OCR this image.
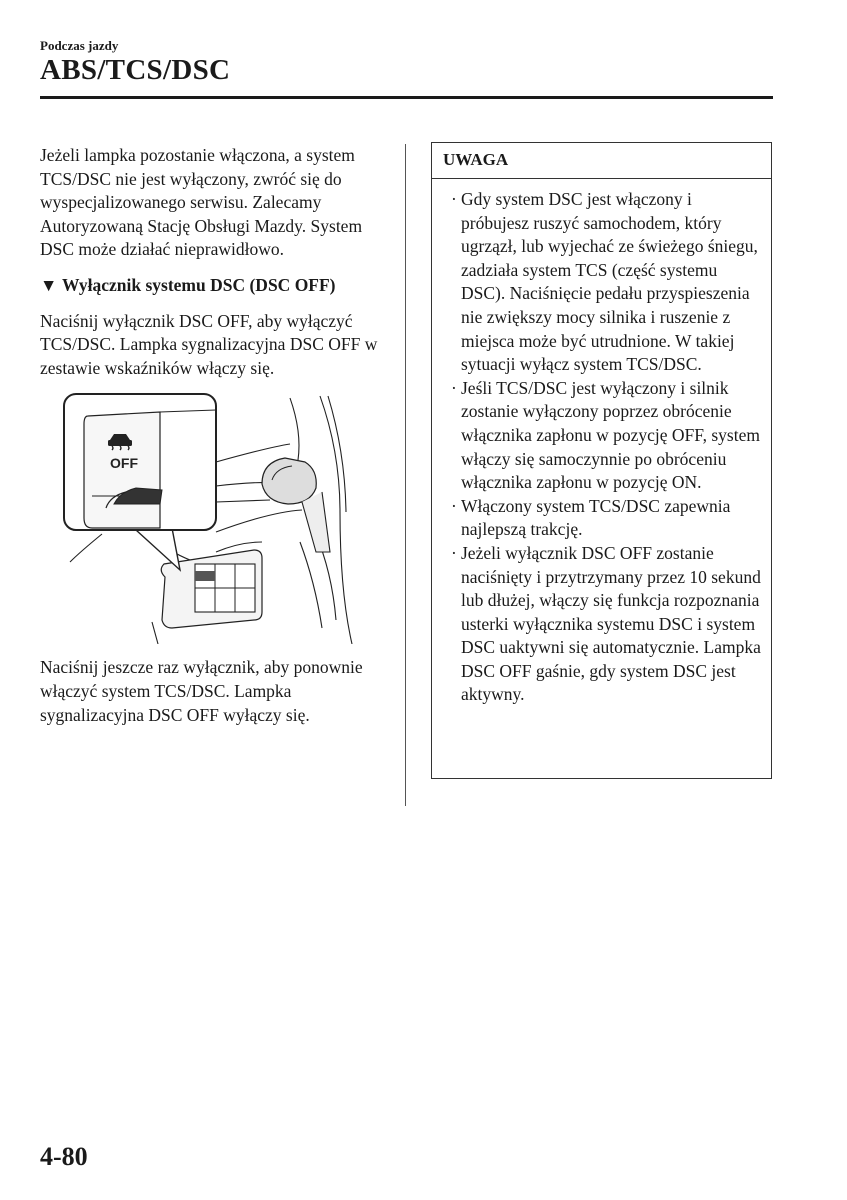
Podczas jazdy
ABS/TCS/DSC

Jeżeli lampka pozostanie włączona, a system TCS/DSC nie jest wyłączony, zwróć się do wyspecjalizowanego serwisu. Zalecamy Autoryzowaną Stację Obsługi Mazdy. System DSC może działać nieprawidłowo.

▼ Wyłącznik systemu DSC (DSC OFF)

Naciśnij wyłącznik DSC OFF, aby wyłączyć TCS/DSC. Lampka sygnalizacyjna DSC OFF w zestawie wskaźników włączy się.

OFF

Naciśnij jeszcze raz wyłącznik, aby ponownie włączyć system TCS/DSC. Lampka sygnalizacyjna DSC OFF wyłączy się.

UWAGA

· Gdy system DSC jest włączony i próbujesz ruszyć samochodem, który ugrzązł, lub wyjechać ze świeżego śniegu, zadziała system TCS (część systemu DSC). Naciśnięcie pedału przyspieszenia nie zwiększy mocy silnika i ruszenie z miejsca może być utrudnione. W takiej sytuacji wyłącz system TCS/DSC.

· Jeśli TCS/DSC jest wyłączony i silnik zostanie wyłączony poprzez obrócenie włącznika zapłonu w pozycję OFF, system włączy się samoczynnie po obróceniu włącznika zapłonu w pozycję ON.

· Włączony system TCS/DSC zapewnia najlepszą trakcję.

· Jeżeli wyłącznik DSC OFF zostanie naciśnięty i przytrzymany przez 10 sekund lub dłużej, włączy się funkcja rozpoznania usterki wyłącznika systemu DSC i system DSC uaktywni się automatycznie. Lampka DSC OFF gaśnie, gdy system DSC jest aktywny.

4-80
